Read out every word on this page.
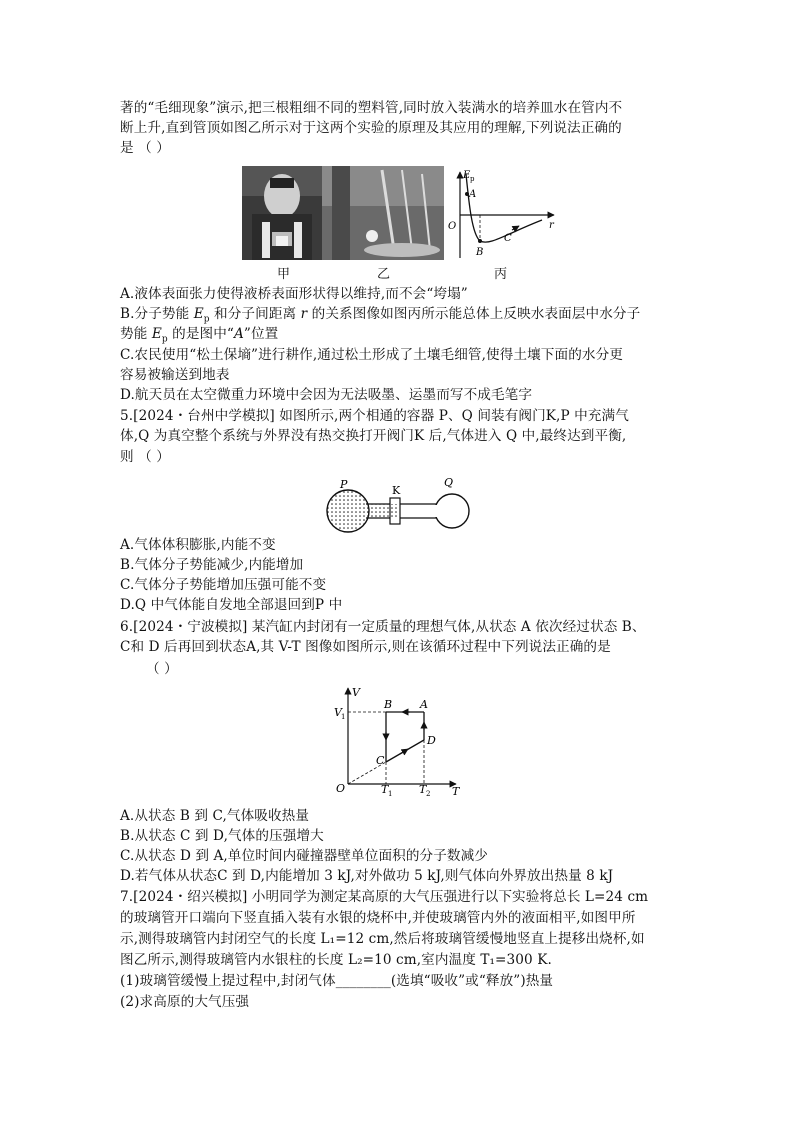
著的“毛细现象”演示,把三根粗细不同的塑料管,同时放入装满水的培养皿水在管内不
断上升,直到管顶如图乙所示对于这两个实验的原理及其应用的理解,下列说法正确的
是 （ ）
E p
r
O
A
B
C
甲	乙	丙
A.液体表面张力使得液桥表面形状得以维持,而不会“垮塌”
B.分子势能 $E_p$ 和分子间距离 r 的关系图像如图丙所示能总体上反映水表面层中水分子
势能 $E_p$ 的是图中“A”位置
C.农民使用“松土保墒”进行耕作,通过松土形成了土壤毛细管,使得土壤下面的水分更
容易被输送到地表
D.航天员在太空微重力环境中会因为无法吸墨、运墨而写不成毛笔字
5.[2024・台州中学模拟] 如图所示,两个相通的容器 P、Q 间装有阀门K,P 中充满气
体,Q 为真空整个系统与外界没有热交换打开阀门K 后,气体进入 Q 中,最终达到平衡,
则 （ ）
P	K
Q
A.气体体积膨胀,内能不变
B.气体分子势能减少,内能增加
C.气体分子势能增加压强可能不变
D.Q 中气体能自发地全部退回到P 中
6.[2024・宁波模拟] 某汽缸内封闭有一定质量的理想气体,从状态 A 依次经过状态 B、
C和 D 后再回到状态A,其 V-T 图像如图所示,则在该循环过程中下列说法正确的是
（ ）
V
T
O
V 1
T 1 T 2
A
B
C
D
A.从状态 B 到 C,气体吸收热量
B.从状态 C 到 D,气体的压强增大
C.从状态 D 到 A,单位时间内碰撞器壁单位面积的分子数减少
D.若气体从状态C 到 D,内能增加 3 kJ,对外做功 5 kJ,则气体向外界放出热量 8 kJ
7.[2024・绍兴模拟] 小明同学为测定某高原的大气压强进行以下实验将总长 L=24 cm
的玻璃管开口端向下竖直插入装有水银的烧杯中,并使玻璃管内外的液面相平,如图甲所
示,测得玻璃管内封闭空气的长度 L₁=12 cm,然后将玻璃管缓慢地竖直上提移出烧杯,如
图乙所示,测得玻璃管内水银柱的长度 L₂=10 cm,室内温度 T₁=300 K.
(1)玻璃管缓慢上提过程中,封闭气体________(选填“吸收”或“释放”)热量
(2)求高原的大气压强
